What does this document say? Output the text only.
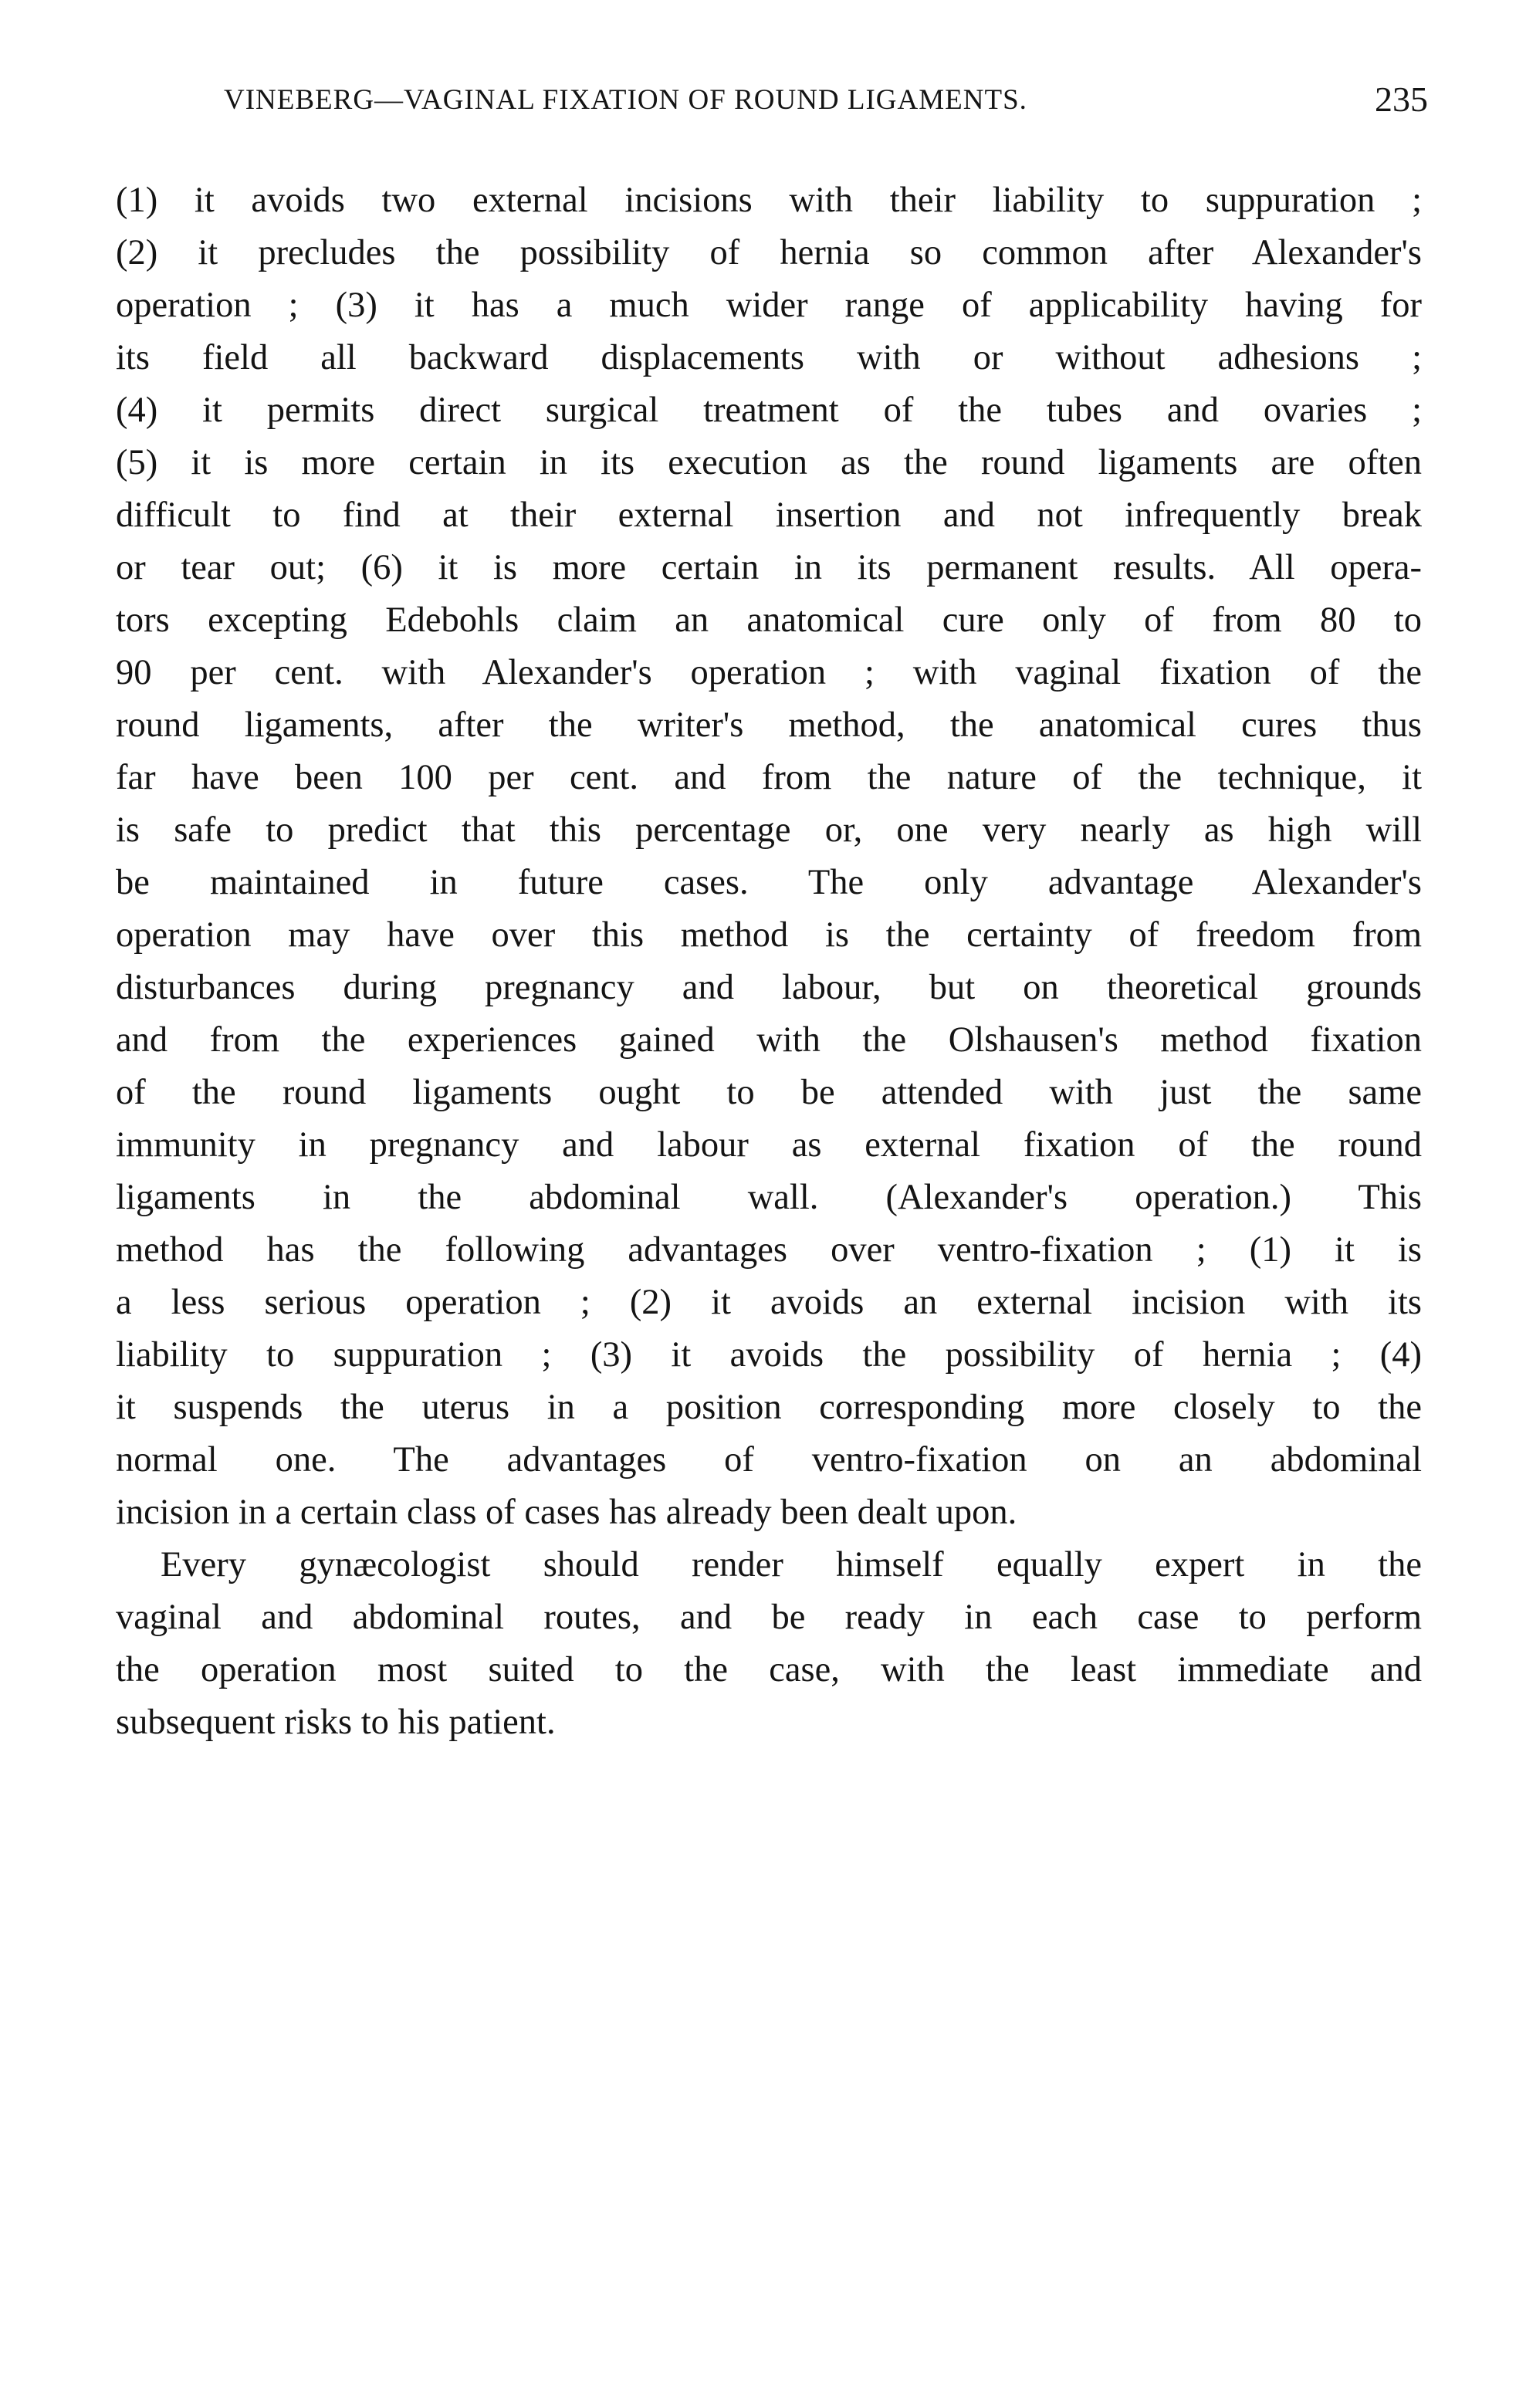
VINEBERG—VAGINAL FIXATION OF ROUND LIGAMENTS.	235
(1) it avoids two external incisions with their liability to suppuration ;
(2) it precludes the possibility of hernia so common after Alexander's
operation ; (3) it has a much wider range of applicability having for
its field all backward displacements with or without adhesions ;
(4) it permits direct surgical treatment of the tubes and ovaries ;
(5) it is more certain in its execution as the round ligaments are often
difficult to find at their external insertion and not infrequently break
or tear out; (6) it is more certain in its permanent results. All opera-
tors excepting Edebohls claim an anatomical cure only of from 80 to
90 per cent. with Alexander's operation ; with vaginal fixation of the
round ligaments, after the writer's method, the anatomical cures thus
far have been 100 per cent. and from the nature of the technique, it
is safe to predict that this percentage or, one very nearly as high will
be maintained in future cases. The only advantage Alexander's
operation may have over this method is the certainty of freedom from
disturbances during pregnancy and labour, but on theoretical grounds
and from the experiences gained with the Olshausen's method fixation
of the round ligaments ought to be attended with just the same
immunity in pregnancy and labour as external fixation of the round
ligaments in the abdominal wall. (Alexander's operation.) This
method has the following advantages over ventro-fixation ; (1) it is
a less serious operation ; (2) it avoids an external incision with its
liability to suppuration ; (3) it avoids the possibility of hernia ; (4)
it suspends the uterus in a position corresponding more closely to the
normal one. The advantages of ventro-fixation on an abdominal
incision in a certain class of cases has already been dealt upon.
Every gynæcologist should render himself equally expert in the
vaginal and abdominal routes, and be ready in each case to perform
the operation most suited to the case, with the least immediate and
subsequent risks to his patient.
